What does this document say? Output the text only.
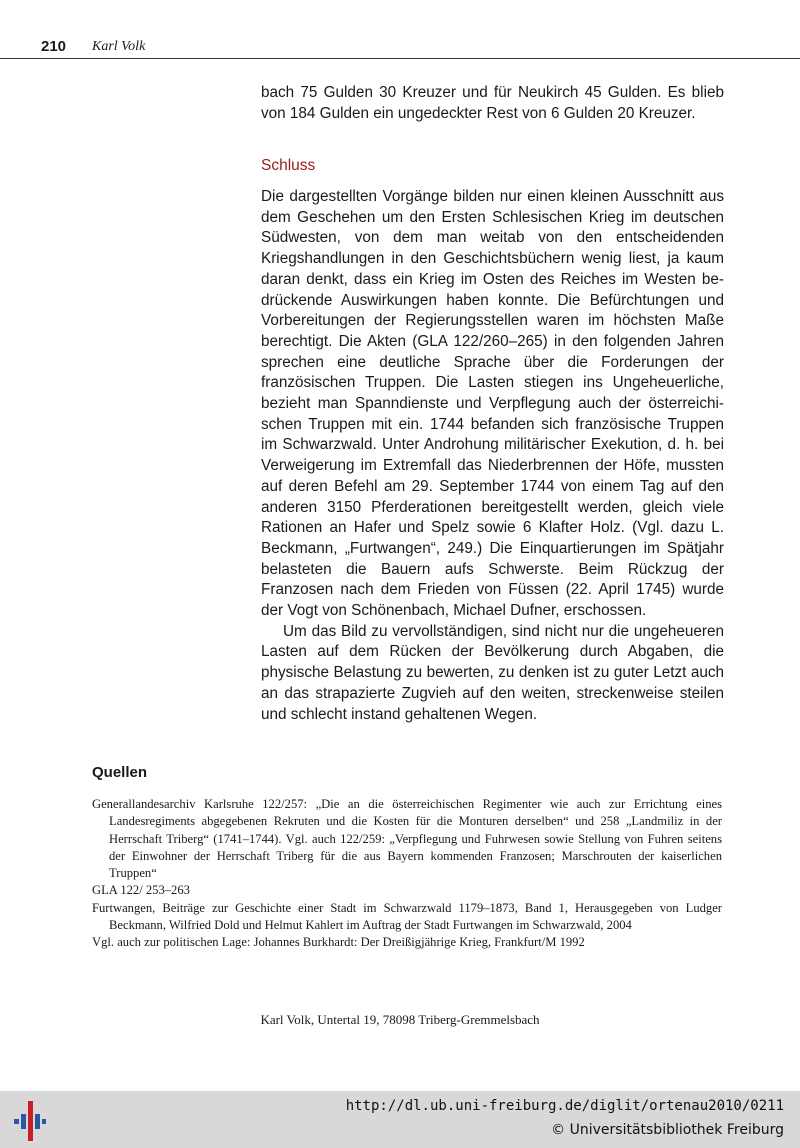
210 Karl Volk

bach 75 Gulden 30 Kreuzer und für Neukirch 45 Gulden. Es blieb von 184 Gulden ein ungedeckter Rest von 6 Gulden 20 Kreuzer.

Schluss

Die dargestellten Vorgänge bilden nur einen kleinen Ausschnitt aus dem Geschehen um den Ersten Schlesischen Krieg im deutschen Südwesten, von dem man weitab von den entscheidenden Kriegshandlungen in den Geschichtsbüchern wenig liest, ja kaum daran denkt, dass ein Krieg im Osten des Reiches im Westen bedrückende Auswirkungen haben konnte. Die Befürchtungen und Vorbereitungen der Regierungsstellen waren im höchsten Maße berechtigt. Die Akten (GLA 122/260–265) in den folgenden Jahren sprechen eine deutliche Sprache über die Forderungen der französischen Truppen. Die Lasten stiegen ins Ungeheuerliche, bezieht man Spanndienste und Verpflegung auch der österreichischen Truppen mit ein. 1744 befanden sich französische Truppen im Schwarzwald. Unter Androhung militärischer Exekution, d. h. bei Verweigerung im Extremfall das Niederbrennen der Höfe, mussten auf deren Befehl am 29. September 1744 von einem Tag auf den anderen 3150 Pferderationen bereitgestellt werden, gleich viele Rationen an Hafer und Spelz sowie 6 Klafter Holz. (Vgl. dazu L. Beckmann, „Furtwangen“, 249.) Die Einquartierungen im Spätjahr belasteten die Bauern aufs Schwerste. Beim Rückzug der Franzosen nach dem Frieden von Füssen (22. April 1745) wurde der Vogt von Schönenbach, Michael Dufner, erschossen.

Um das Bild zu vervollständigen, sind nicht nur die ungeheueren Lasten auf dem Rücken der Bevölkerung durch Abgaben, die physische Belastung zu bewerten, zu denken ist zu guter Letzt auch an das strapazierte Zugvieh auf den weiten, streckenweise steilen und schlecht instand gehaltenen Wegen.

Quellen

Generallandesarchiv Karlsruhe 122/257: „Die an die österreichischen Regimenter wie auch zur Errichtung eines Landesregiments abgegebenen Rekruten und die Kosten für die Monturen derselben“ und 258 „Landmiliz in der Herrschaft Triberg“ (1741–1744). Vgl. auch 122/259: „Verpflegung und Fuhrwesen sowie Stellung von Fuhren seitens der Einwohner der Herrschaft Triberg für die aus Bayern kommenden Franzosen; Marschrouten der kaiserlichen Truppen“

GLA 122/ 253–263

Furtwangen, Beiträge zur Geschichte einer Stadt im Schwarzwald 1179–1873, Band 1, Herausgegeben von Ludger Beckmann, Wilfried Dold und Helmut Kahlert im Auftrag der Stadt Furtwangen im Schwarzwald, 2004

Vgl. auch zur politischen Lage: Johannes Burkhardt: Der Dreißigjährige Krieg, Frankfurt/M 1992

Karl Volk, Untertal 19, 78098 Triberg-Gremmelsbach
http://dl.ub.uni-freiburg.de/diglit/ortenau2010/0211
© Universitätsbibliothek Freiburg
